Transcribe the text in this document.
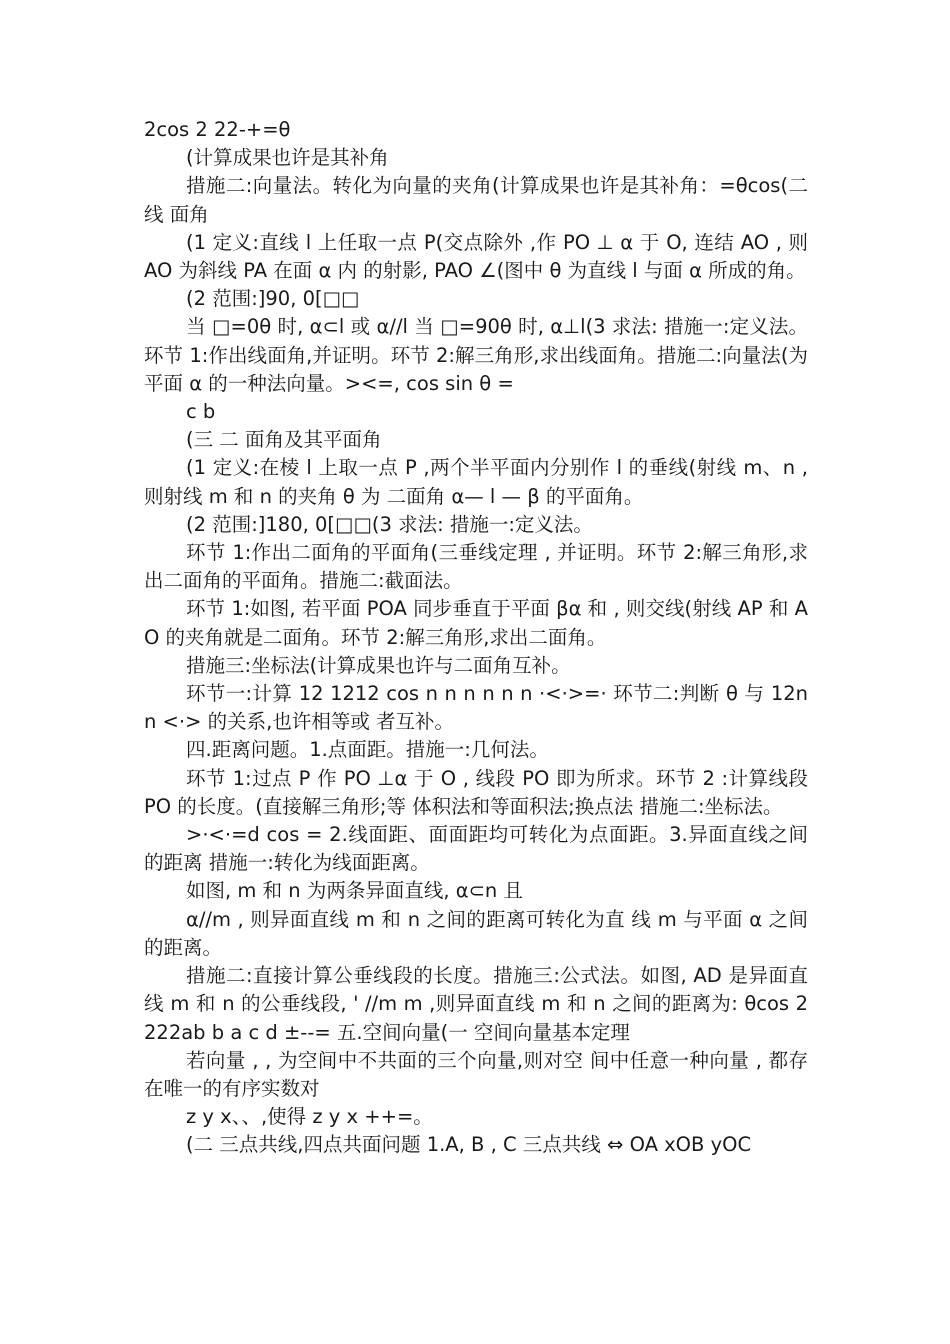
2cos 2 22-+=θ

(计算成果也许是其补角

措施二:向量法。转化为向量的夹角(计算成果也许是其补角：=θcos(二 线 面角

(1 定义:直线 l 上任取一点 P(交点除外 ,作 PO ⊥ α 于 O, 连结 AO , 则 AO 为斜线 PA 在面 α 内 的射影, PAO ∠(图中 θ 为直线 l 与面 α 所成的角。

(2 范围:]90, 0[□□

当 □=0θ 时, α⊂l 或 α//l 当 □=90θ 时, α⊥l(3 求法: 措施一:定义法。环节 1:作出线面角,并证明。环节 2:解三角形,求出线面角。措施二:向量法(为平面 α 的一种法向量。><=, cos sin θ =

c b

(三 二 面角及其平面角

(1 定义:在棱 l 上取一点 P ,两个半平面内分别作 l 的垂线(射线 m、n ,则射线 m 和 n 的夹角 θ 为 二面角 α— l — β 的平面角。

(2 范围:]180, 0[□□(3 求法: 措施一:定义法。

环节 1:作出二面角的平面角(三垂线定理 , 并证明。环节 2:解三角形,求出二面角的平面角。措施二:截面法。

环节 1:如图, 若平面 POA 同步垂直于平面 βα 和 , 则交线(射线 AP 和 AO 的夹角就是二面角。环节 2:解三角形,求出二面角。

措施三:坐标法(计算成果也许与二面角互补。

环节一:计算 12 1212 cos n n n n n n ·<·>=· 环节二:判断 θ 与 12n n <·> 的关系,也许相等或 者互补。

四.距离问题。1.点面距。措施一:几何法。

环节 1:过点 P 作 PO ⊥α 于 O , 线段 PO 即为所求。环节 2 :计算线段 PO 的长度。(直接解三角形;等 体积法和等面积法;换点法 措施二:坐标法。

>·<·=d cos = 2.线面距、面面距均可转化为点面距。3.异面直线之间的距离 措施一:转化为线面距离。

如图, m 和 n 为两条异面直线, α⊂n 且

α//m , 则异面直线 m 和 n 之间的距离可转化为直 线 m 与平面 α 之间的距离。

措施二:直接计算公垂线段的长度。措施三:公式法。如图, AD 是异面直线 m 和 n 的公垂线段, ' //m m ,则异面直线 m 和 n 之间的距离为: θcos 2222ab b a c d ±--= 五.空间向量(一 空间向量基本定理

若向量 , , 为空间中不共面的三个向量,则对空 间中任意一种向量 , 都存在唯一的有序实数对

z y x、、,使得 z y x ++=。

(二 三点共线,四点共面问题 1.A, B , C 三点共线 ⇔ OA xOB yOC
